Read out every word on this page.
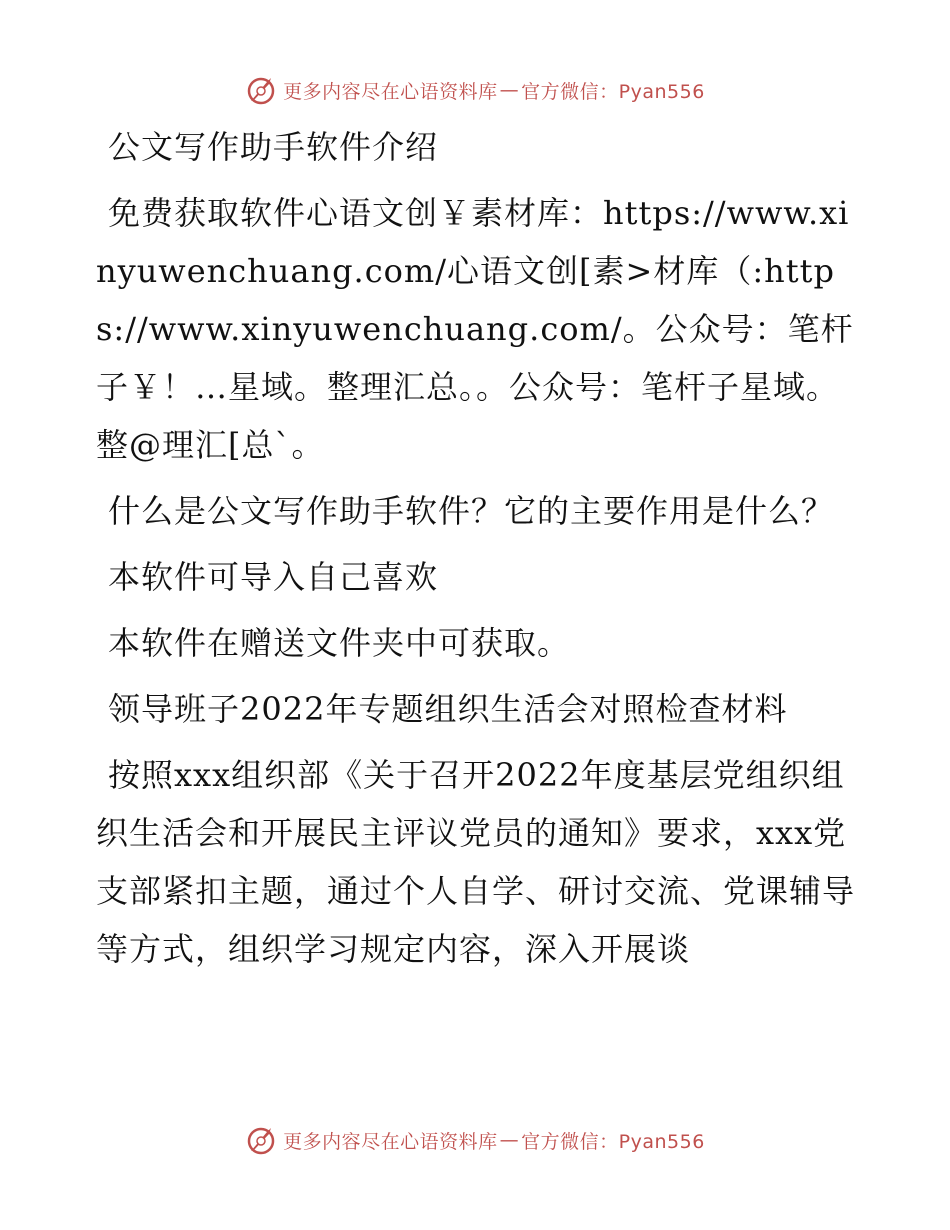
更多内容尽在心语资料库 — 官方微信：Pyan556

公文写作助手软件介绍

免费获取软件心语文创￥素材库：https://www.xinyuwenchuang.com/心语文创[素>材库（:https://www.xinyuwenchuang.com/。公众号：笔杆子￥！…星域。整理汇总。。公众号：笔杆子星域。整@理汇[总`。

什么是公文写作助手软件？它的主要作用是什么？

本软件可导入自己喜欢

本软件在赠送文件夹中可获取。

领导班子2022年专题组织生活会对照检查材料

按照xxx组织部《关于召开2022年度基层党组织组织生活会和开展民主评议党员的通知》要求，xxx党支部紧扣主题，通过个人自学、研讨交流、党课辅导等方式，组织学习规定内容，深入开展谈

更多内容尽在心语资料库 — 官方微信：Pyan556
